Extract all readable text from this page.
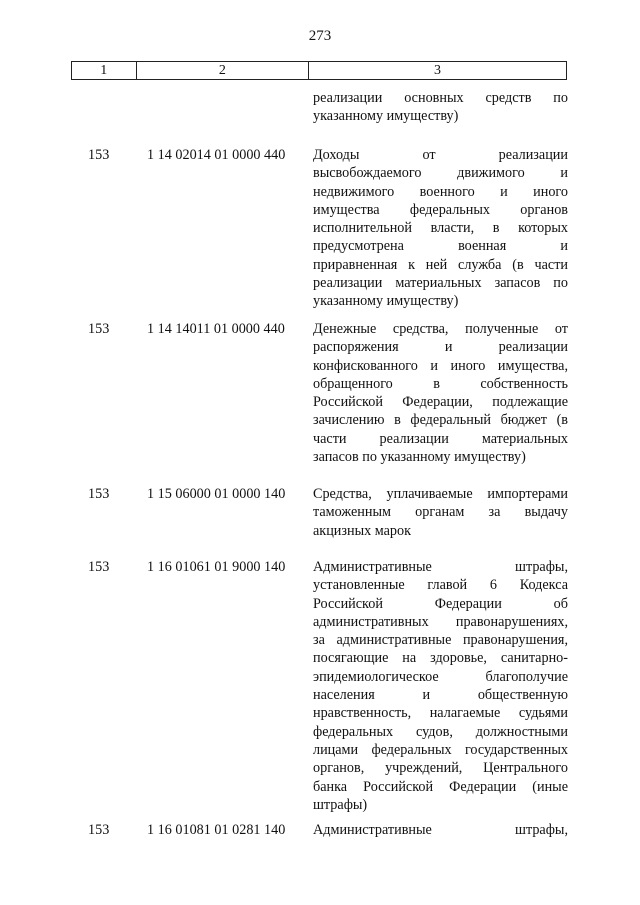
273
1	2	3
реализации основных средств по
указанному имуществу)
153	1 14 02014 01 0000 440	Доходы от реализации
высвобождаемого движимого и
недвижимого военного и иного
имущества федеральных органов
исполнительной власти, в которых
предусмотрена военная и
приравненная к ней служба (в части
реализации материальных запасов по
указанному имуществу)
153	1 14 14011 01 0000 440	Денежные средства, полученные от
распоряжения и реализации
конфискованного и иного имущества,
обращенного в собственность
Российской Федерации, подлежащие
зачислению в федеральный бюджет (в
части реализации материальных
запасов по указанному имуществу)
153	1 15 06000 01 0000 140	Средства, уплачиваемые импортерами
таможенным органам за выдачу
акцизных марок
153	1 16 01061 01 9000 140	Административные штрафы,
установленные главой 6 Кодекса
Российской Федерации об
административных правонарушениях,
за административные правонарушения,
посягающие на здоровье, санитарно-
эпидемиологическое благополучие
населения и общественную
нравственность, налагаемые судьями
федеральных судов, должностными
лицами федеральных государственных
органов, учреждений, Центрального
банка Российской Федерации (иные
штрафы)
153	1 16 01081 01 0281 140	Административные штрафы,
